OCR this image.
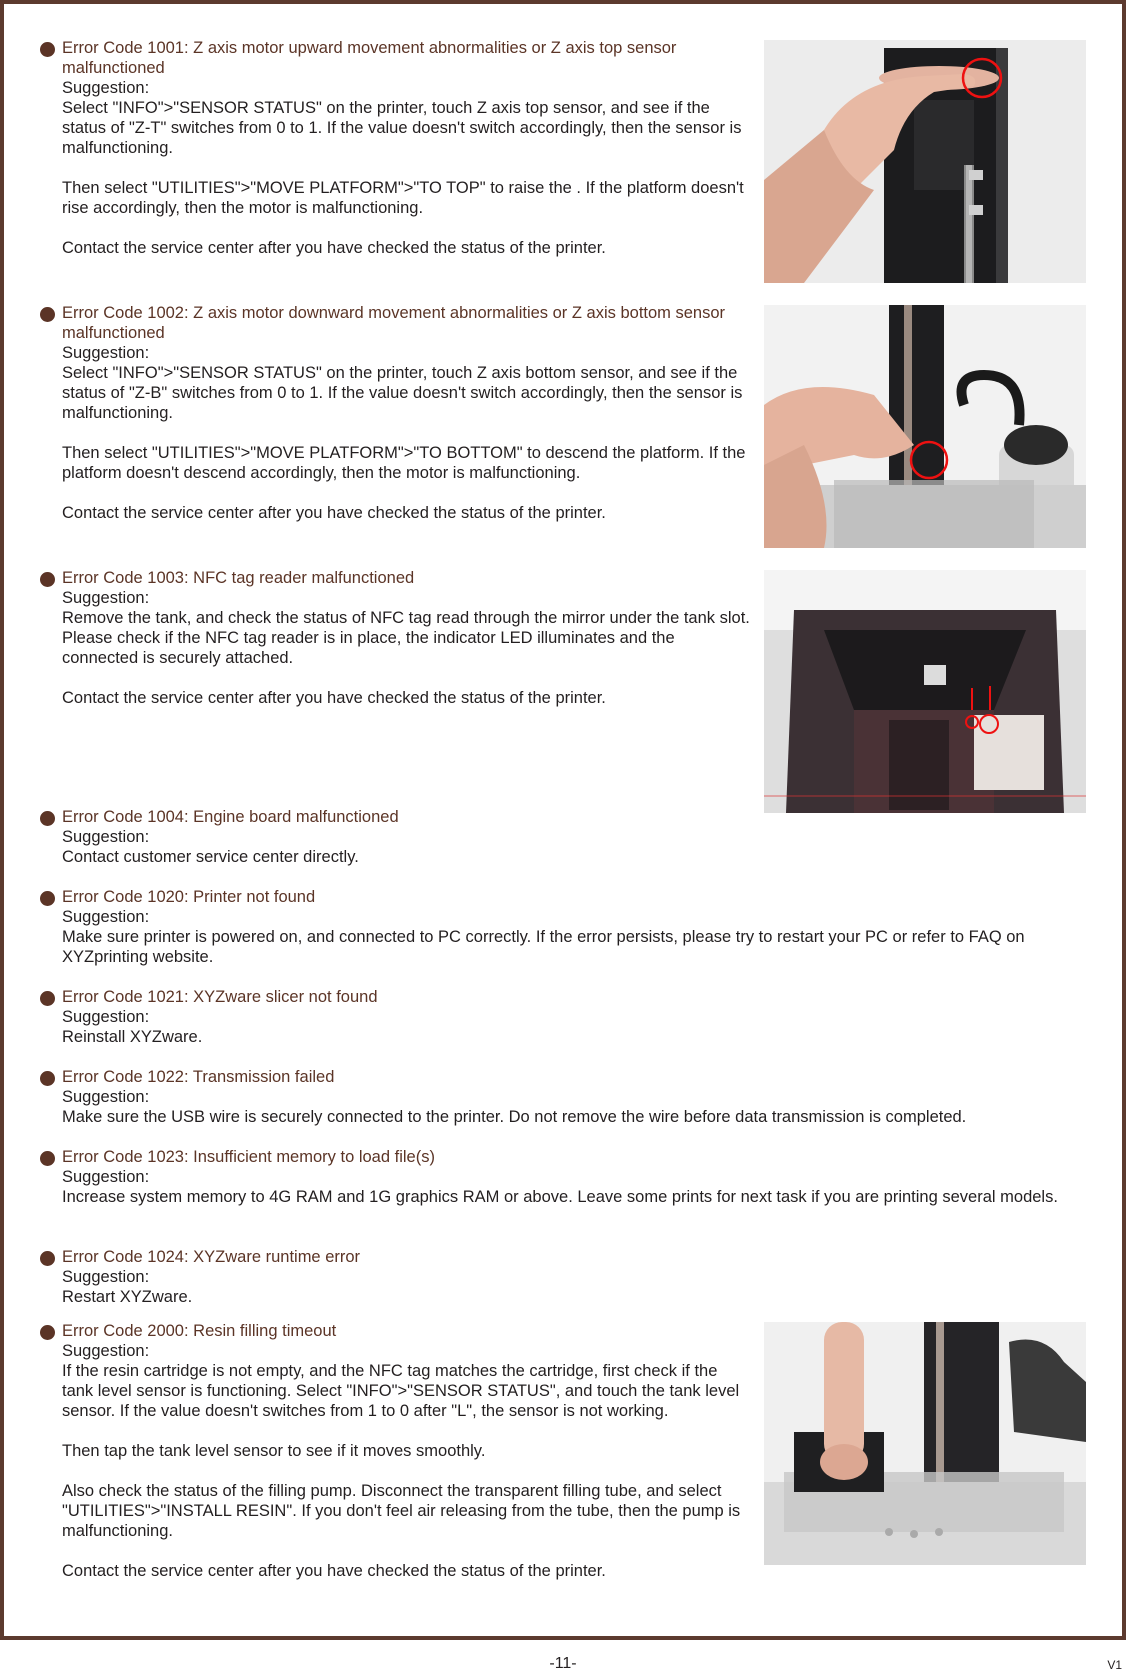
Error Code 1001: Z axis motor upward movement abnormalities or Z axis top sensor malfunctioned
Suggestion:
Select "INFO">"SENSOR STATUS" on the printer, touch Z axis top sensor, and see if the status of "Z-T" switches from 0 to 1. If the value doesn't switch accordingly, then the sensor is malfunctioning.
Then select "UTILITIES">"MOVE PLATFORM">"TO TOP" to raise the . If the platform doesn't rise accordingly, then the motor is malfunctioning.
Contact the service center after you have checked the status of the printer.
Error Code 1002: Z axis motor downward movement abnormalities or Z axis bottom sensor malfunctioned
Suggestion:
Select "INFO">"SENSOR STATUS" on the printer, touch Z axis bottom sensor, and see if the status of "Z-B" switches from 0 to 1. If the value doesn't switch accordingly, then the sensor is malfunctioning.
Then select "UTILITIES">"MOVE PLATFORM">"TO BOTTOM" to descend the platform. If the platform doesn't descend accordingly, then the motor is malfunctioning.
Contact the service center after you have checked the status of the printer.
Error Code 1003: NFC tag reader malfunctioned
Suggestion:
Remove the tank, and check the status of NFC tag read through the mirror under the tank slot. Please check if the NFC tag reader is in place, the indicator LED illuminates and the connected is securely attached.
Contact the service center after you have checked the status of the printer.
Error Code 1004: Engine board malfunctioned
Suggestion:
Contact customer service center directly.
Error Code 1020: Printer not found
Suggestion:
Make sure printer is powered on, and connected to PC correctly. If the error persists, please try to restart your PC or refer to FAQ on XYZprinting website.
Error Code 1021: XYZware slicer not found
Suggestion:
Reinstall XYZware.
Error Code 1022: Transmission failed
Suggestion:
Make sure the USB wire is securely connected to the printer. Do not remove the wire before data transmission is completed.
Error Code 1023: Insufficient memory to load file(s)
Suggestion:
Increase system memory to 4G RAM and 1G graphics RAM or above. Leave some prints for next task if you are printing several models.
Error Code 1024: XYZware runtime error
Suggestion:
Restart XYZware.
Error Code 2000: Resin filling timeout
Suggestion:
If the resin cartridge is not empty, and the NFC tag matches the cartridge, first check if the tank level sensor is functioning. Select "INFO">"SENSOR STATUS", and touch the tank level sensor. If the value doesn't switches from 1 to 0 after "L", the sensor is not working.
Then tap the tank level sensor to see if it moves smoothly.
Also check the status of the filling pump. Disconnect the transparent filling tube, and select "UTILITIES">"INSTALL RESIN". If you don't feel air releasing from the tube, then the pump is malfunctioning.
Contact the service center after you have checked the status of the printer.
-11-	V1
